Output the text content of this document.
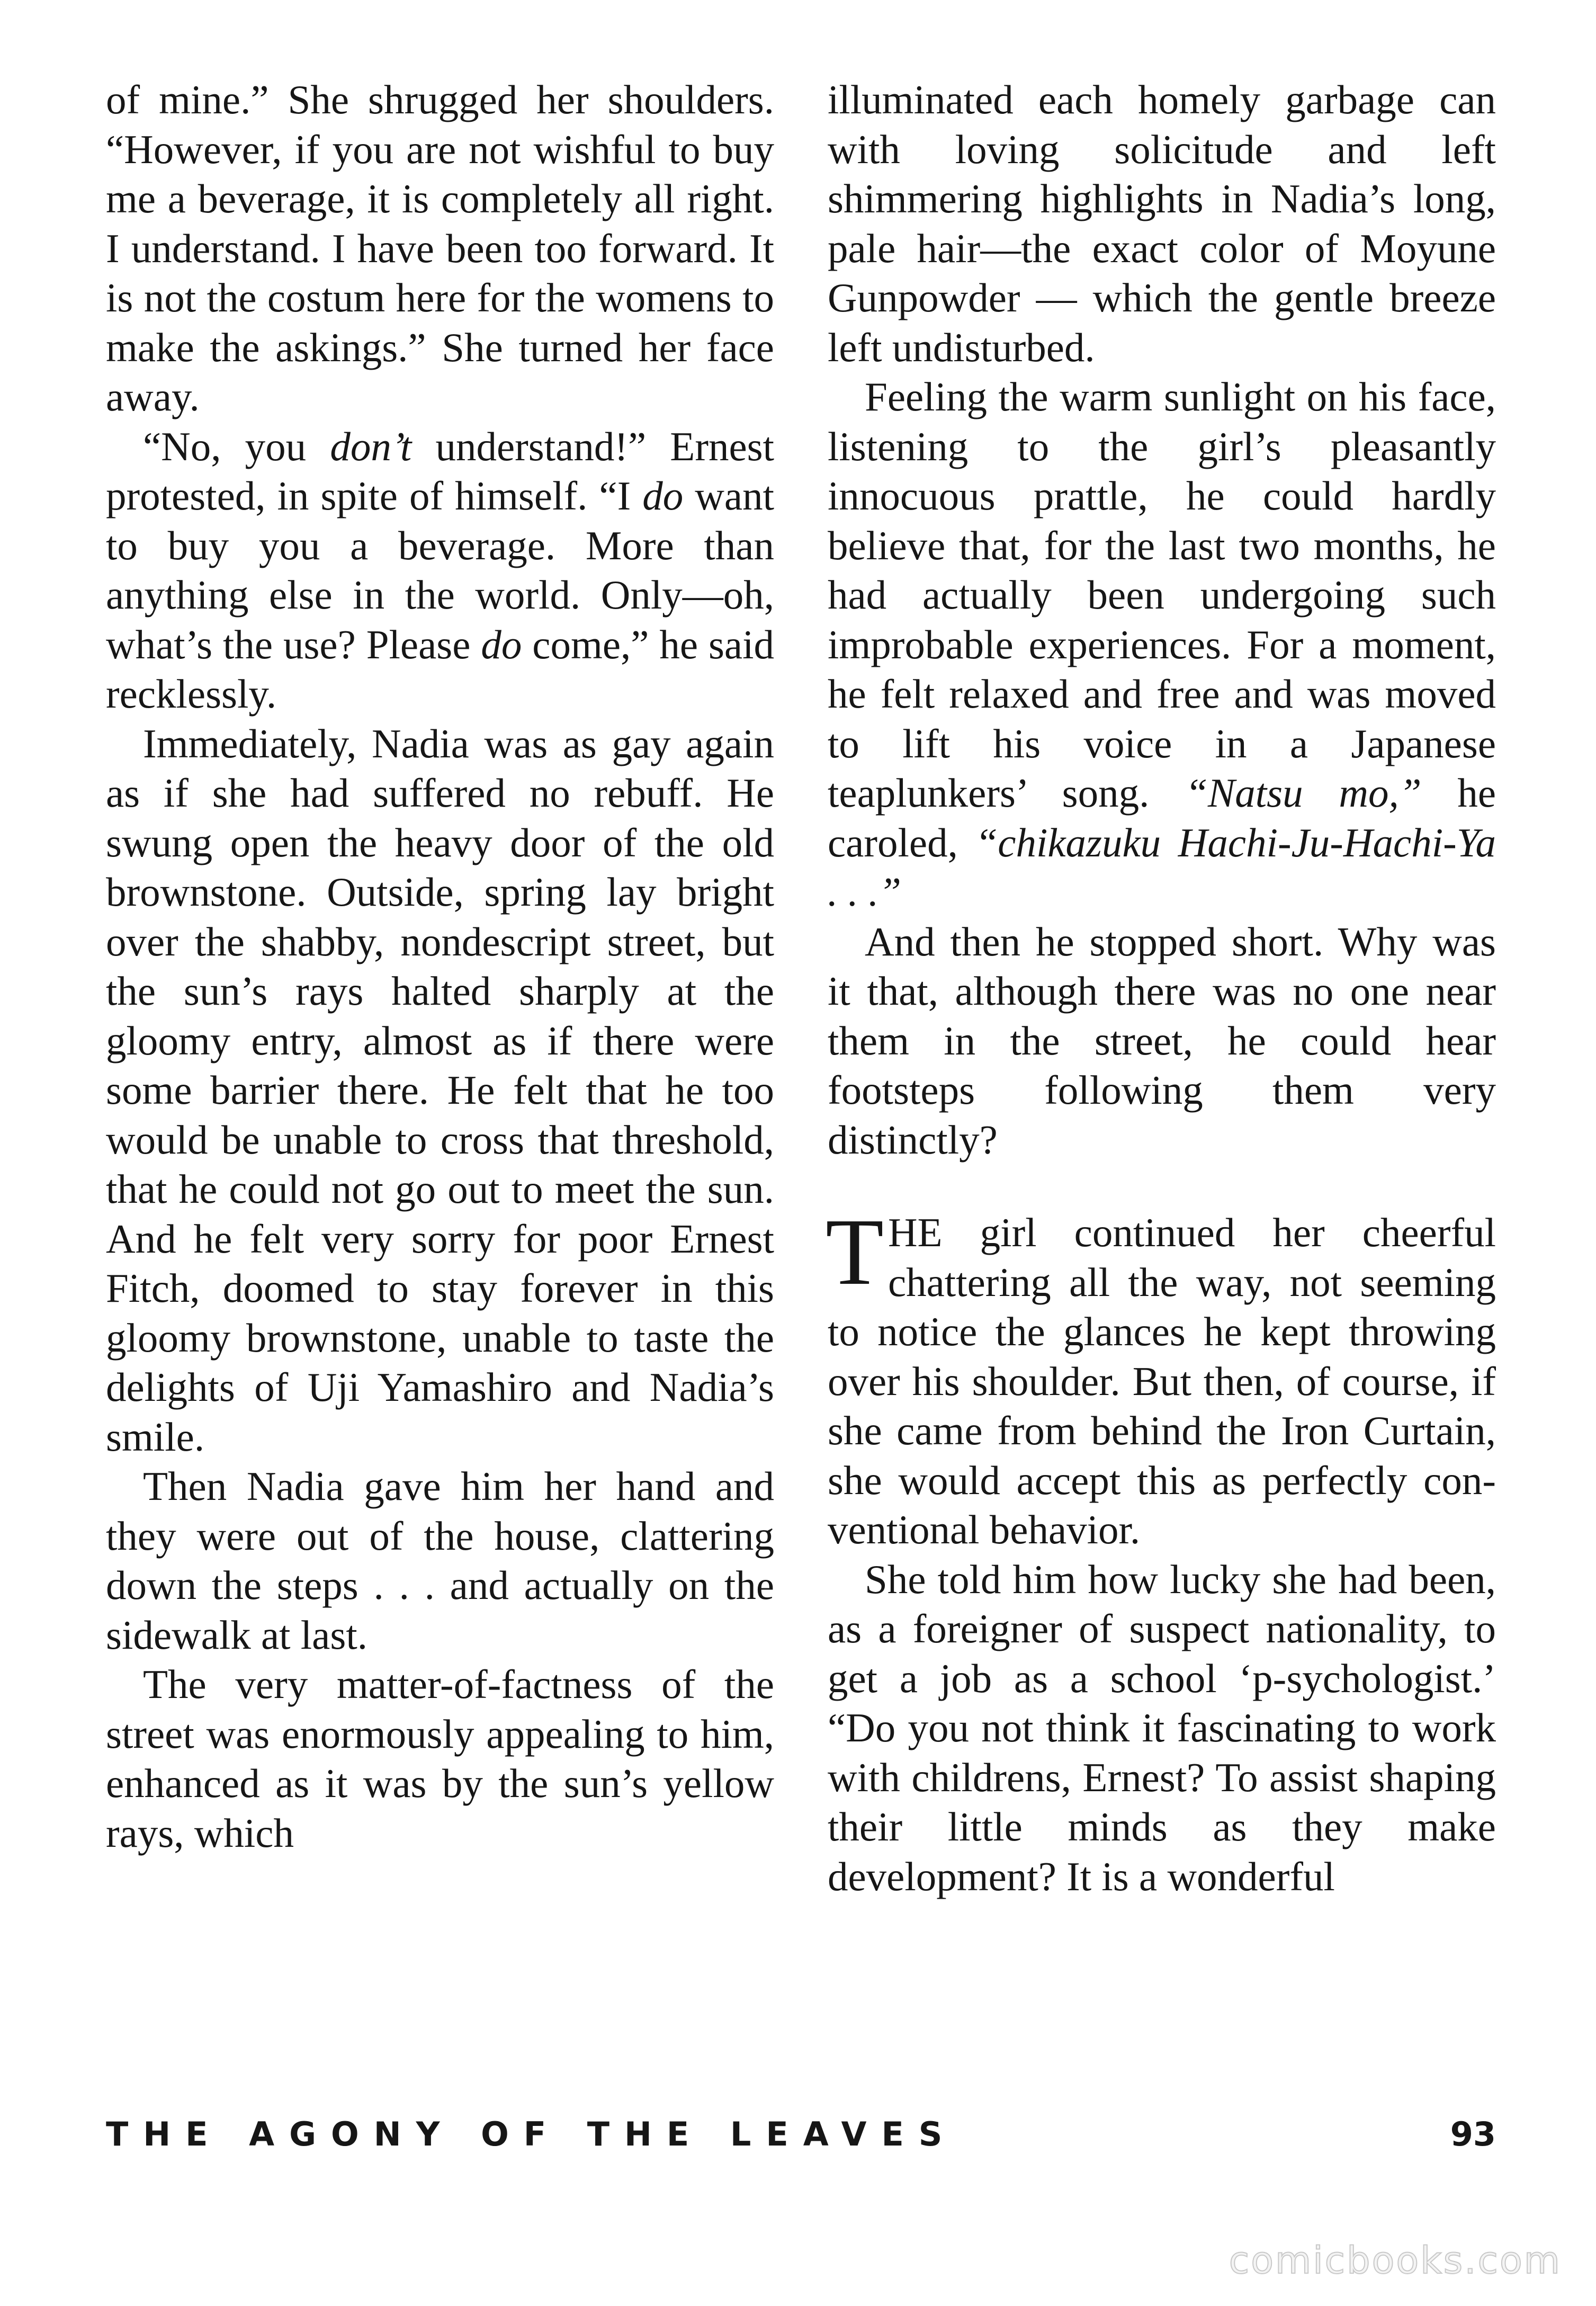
of mine.” She shrugged her shoulders. “However, if you are not wishful to buy me a beverage, it is completely all right. I understand. I have been too forward. It is not the costum here for the womens to make the askings.” She turned her face away.

“No, you don’t understand!” Ernest protested, in spite of himself. “I do want to buy you a beverage. More than anything else in the world. Only—oh, what’s the use? Please do come,” he said recklessly.

Immediately, Nadia was as gay again as if she had suffered no rebuff. He swung open the heavy door of the old brownstone. Outside, spring lay bright over the shabby, nondescript street, but the sun’s rays halted sharply at the gloomy entry, almost as if there were some barrier there. He felt that he too would be unable to cross that threshold, that he could not go out to meet the sun. And he felt very sorry for poor Ernest Fitch, doomed to stay forever in this gloomy brownstone, unable to taste the delights of Uji Yamashiro and Nadia’s smile.

Then Nadia gave him her hand and they were out of the house, clattering down the steps . . . and actually on the sidewalk at last.

The very matter-of-factness of the street was enormously appealing to him, enhanced as it was by the sun’s yellow rays, which

illuminated each homely garbage can with loving solicitude and left shimmering highlights in Nadia’s long, pale hair—the exact color of Moyune Gunpowder — which the gentle breeze left undisturbed.

Feeling the warm sunlight on his face, listening to the girl’s pleasantly innocuous prattle, he could hardly believe that, for the last two months, he had actually been undergoing such improbable experiences. For a moment, he felt relaxed and free and was moved to lift his voice in a Japanese teaplunkers’ song. “Natsu mo,” he caroled, “chikazuku Hachi-Ju-Hachi-Ya . . .”

And then he stopped short. Why was it that, although there was no one near them in the street, he could hear footsteps following them very distinctly?

THE girl continued her cheerful chattering all the way, not seeming to notice the glances he kept throwing over his shoulder. But then, of course, if she came from behind the Iron Curtain, she would accept this as perfectly conventional behavior.

She told him how lucky she had been, as a foreigner of suspect nationality, to get a job as a school ‘p-sychologist.’ “Do you not think it fascinating to work with childrens, Ernest? To assist shaping their little minds as they make development? It is a wonderful

THE AGONY OF THE LEAVES	93
comicbooks.com
